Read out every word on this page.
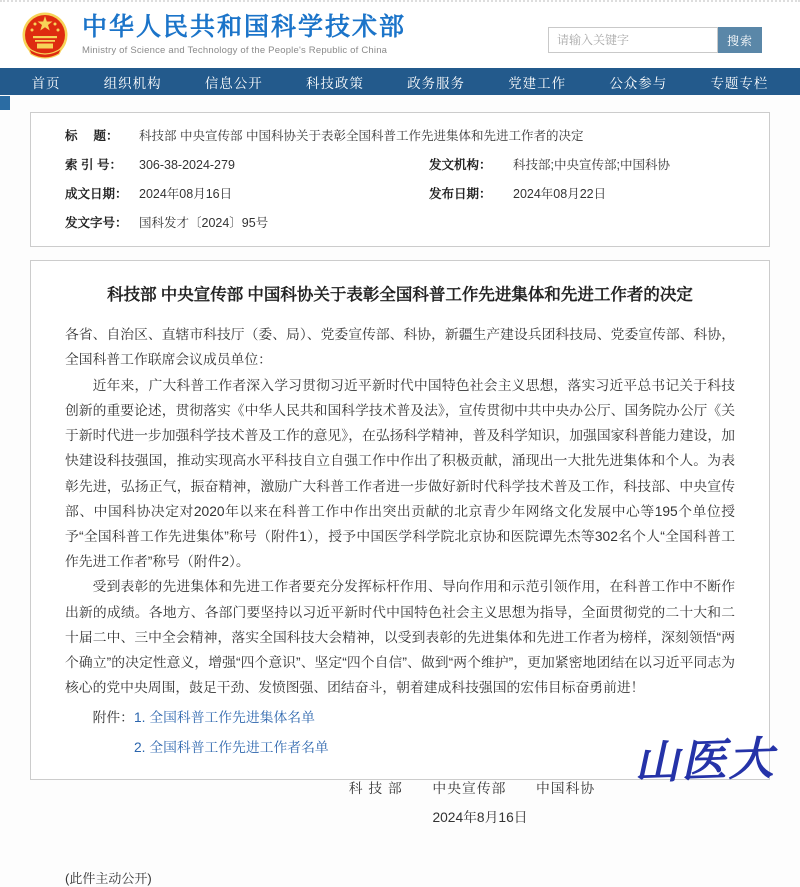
中华人民共和国科学技术部
Ministry of Science and Technology of the People's Republic of China
请输入关键字
搜索
首页	组织机构	信息公开	科技政策	政务服务	党建工作	公众参与	专题专栏
标　 题：	科技部 中央宣传部 中国科协关于表彰全国科普工作先进集体和先进工作者的决定
索 引 号：	306-38-2024-279	发文机构：	科技部;中央宣传部;中国科协
成文日期： 2024年08月16日	发布日期：	2024年08月22日
发文字号： 国科发才〔2024〕95号
科技部 中央宣传部 中国科协关于表彰全国科普工作先进集体和先进工作者的决定

各省、自治区、直辖市科技厅（委、局）、党委宣传部、科协，新疆生产建设兵团科技局、党委宣传部、科协，全国科普工作联席会议成员单位：

近年来，广大科普工作者深入学习贯彻习近平新时代中国特色社会主义思想，落实习近平总书记关于科技创新的重要论述，贯彻落实《中华人民共和国科学技术普及法》，宣传贯彻中共中央办公厅、国务院办公厅《关于新时代进一步加强科学技术普及工作的意见》，在弘扬科学精神，普及科学知识，加强国家科普能力建设，加快建设科技强国，推动实现高水平科技自立自强工作中作出了积极贡献，涌现出一大批先进集体和个人。为表彰先进，弘扬正气，振奋精神，激励广大科普工作者进一步做好新时代科学技术普及工作，科技部、中央宣传部、中国科协决定对2020年以来在科普工作中作出突出贡献的北京青少年网络文化发展中心等195个单位授予“全国科普工作先进集体”称号（附件1），授予中国医学科学院北京协和医院谭先杰等302名个人“全国科普工作先进工作者”称号（附件2）。

受到表彰的先进集体和先进工作者要充分发挥标杆作用、导向作用和示范引领作用，在科普工作中不断作出新的成绩。各地方、各部门要坚持以习近平新时代中国特色社会主义思想为指导，全面贯彻党的二十大和二十届二中、三中全会精神，落实全国科技大会精神，以受到表彰的先进集体和先进工作者为榜样，深刻领悟“两个确立”的决定性意义，增强“四个意识”、坚定“四个自信”、做到“两个维护”，更加紧密地团结在以习近平同志为核心的党中央周围，鼓足干劲、发愤图强、团结奋斗，朝着建成科技强国的宏伟目标奋勇前进！

附件： 1. 全国科普工作先进集体名单
2. 全国科普工作先进工作者名单
科 技 部　　中央宣传部　　中国科协
2024年8月16日
(此件主动公开)
山医大
